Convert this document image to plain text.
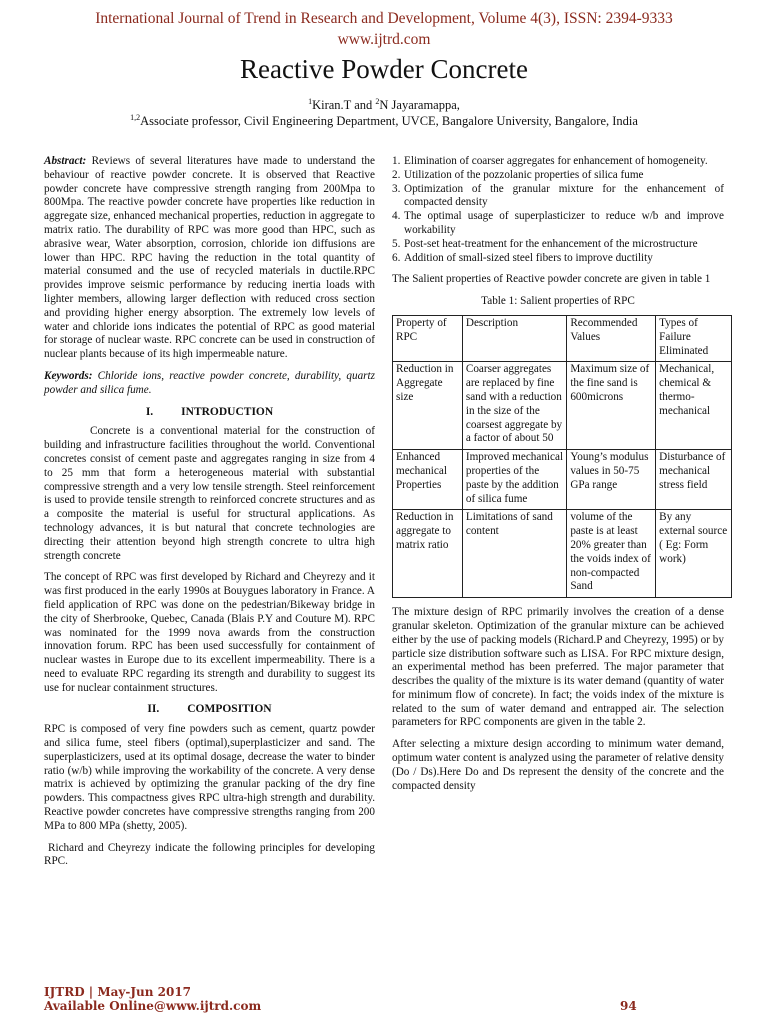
International Journal of Trend in Research and Development, Volume 4(3), ISSN: 2394-9333
www.ijtrd.com
Reactive Powder Concrete
$^1$Kiran.T and $^2$N Jayaramappa,
$^{1,2}$Associate professor, Civil Engineering Department, UVCE, Bangalore University, Bangalore, India

Abstract: Reviews of several literatures have made to understand the behaviour of reactive powder concrete. It is observed that Reactive powder concrete have compressive strength ranging from 200Mpa to 800Mpa. The reactive powder concrete have properties like reduction in aggregate size, enhanced mechanical properties, reduction in aggregate to matrix ratio. The durability of RPC was more good than HPC, such as abrasive wear, Water absorption, corrosion, chloride ion diffusions are lower than HPC. RPC having the reduction in the total quantity of material consumed and the use of recycled materials in ductile.RPC provides improve seismic performance by reducing inertia loads with lighter members, allowing larger deflection with reduced cross section and providing higher energy absorption. The extremely low levels of water and chloride ions indicates the potential of RPC as good material for storage of nuclear waste. RPC concrete can be used in construction of nuclear plants because of its high impermeable nature.

Keywords: Chloride ions, reactive powder concrete, durability, quartz powder and silica fume.

I. INTRODUCTION

Concrete is a conventional material for the construction of building and infrastructure facilities throughout the world. Conventional concretes consist of cement paste and aggregates ranging in size from 4 to 25 mm that form a heterogeneous material with substantial compressive strength and a very low tensile strength. Steel reinforcement is used to provide tensile strength to reinforced concrete structures and as a composite the material is useful for structural applications. As technology advances, it is but natural that concrete technologies are directing their attention beyond high strength concrete to ultra high strength concrete

The concept of RPC was first developed by Richard and Cheyrezy and it was first produced in the early 1990s at Bouygues laboratory in France. A field application of RPC was done on the pedestrian/Bikeway bridge in the city of Sherbrooke, Quebec, Canada (Blais P.Y and Couture M). RPC was nominated for the 1999 nova awards from the construction innovation forum. RPC has been used successfully for containment of nuclear wastes in Europe due to its excellent impermeability. There is a need to evaluate RPC regarding its strength and durability to suggest its use for nuclear containment structures.

II. COMPOSITION

RPC is composed of very fine powders such as cement, quartz powder and silica fume, steel fibers (optimal),superplasticizer and sand. The superplasticizers, used at its optimal dosage, decrease the water to binder ratio (w/b) while improving the workability of the concrete. A very dense matrix is achieved by optimizing the granular packing of the dry fine powders. This compactness gives RPC ultra-high strength and durability. Reactive powder concretes have compressive strengths ranging from 200 MPa to 800 MPa (shetty, 2005).

Richard and Cheyrezy indicate the following principles for developing RPC.

1. Elimination of coarser aggregates for enhancement of homogeneity.
2. Utilization of the pozzolanic properties of silica fume
3. Optimization of the granular mixture for the enhancement of compacted density
4. The optimal usage of superplasticizer to reduce w/b and improve workability
5. Post-set heat-treatment for the enhancement of the microstructure
6. Addition of small-sized steel fibers to improve ductility

The Salient properties of Reactive powder concrete are given in table 1

Table 1: Salient properties of RPC
Property of RPC	Description	Recommended Values	Types of Failure Eliminated
Reduction in Aggregate size	Coarser aggregates are replaced by fine sand with a reduction in the size of the coarsest aggregate by a factor of about 50	Maximum size of the fine sand is 600microns	Mechanical, chemical & thermo-mechanical
Enhanced mechanical Properties	Improved mechanical properties of the paste by the addition of silica fume	Young’s modulus values in 50-75 GPa range	Disturbance of mechanical stress field
Reduction in aggregate to matrix ratio	Limitations of sand content	volume of the paste is at least 20% greater than the voids index of non-compacted Sand	By any external source ( Eg: Form work)

The mixture design of RPC primarily involves the creation of a dense granular skeleton. Optimization of the granular mixture can be achieved either by the use of packing models (Richard.P and Cheyrezy, 1995) or by particle size distribution software such as LISA. For RPC mixture design, an experimental method has been preferred. The major parameter that describes the quality of the mixture is its water demand (quantity of water for minimum flow of concrete). In fact; the voids index of the mixture is related to the sum of water demand and entrapped air. The selection parameters for RPC components are given in the table 2.

After selecting a mixture design according to minimum water demand, optimum water content is analyzed using the parameter of relative density (Do / Ds).Here Do and Ds represent the density of the concrete and the compacted density

IJTRD | May-Jun 2017
Available Online@www.ijtrd.com	94
